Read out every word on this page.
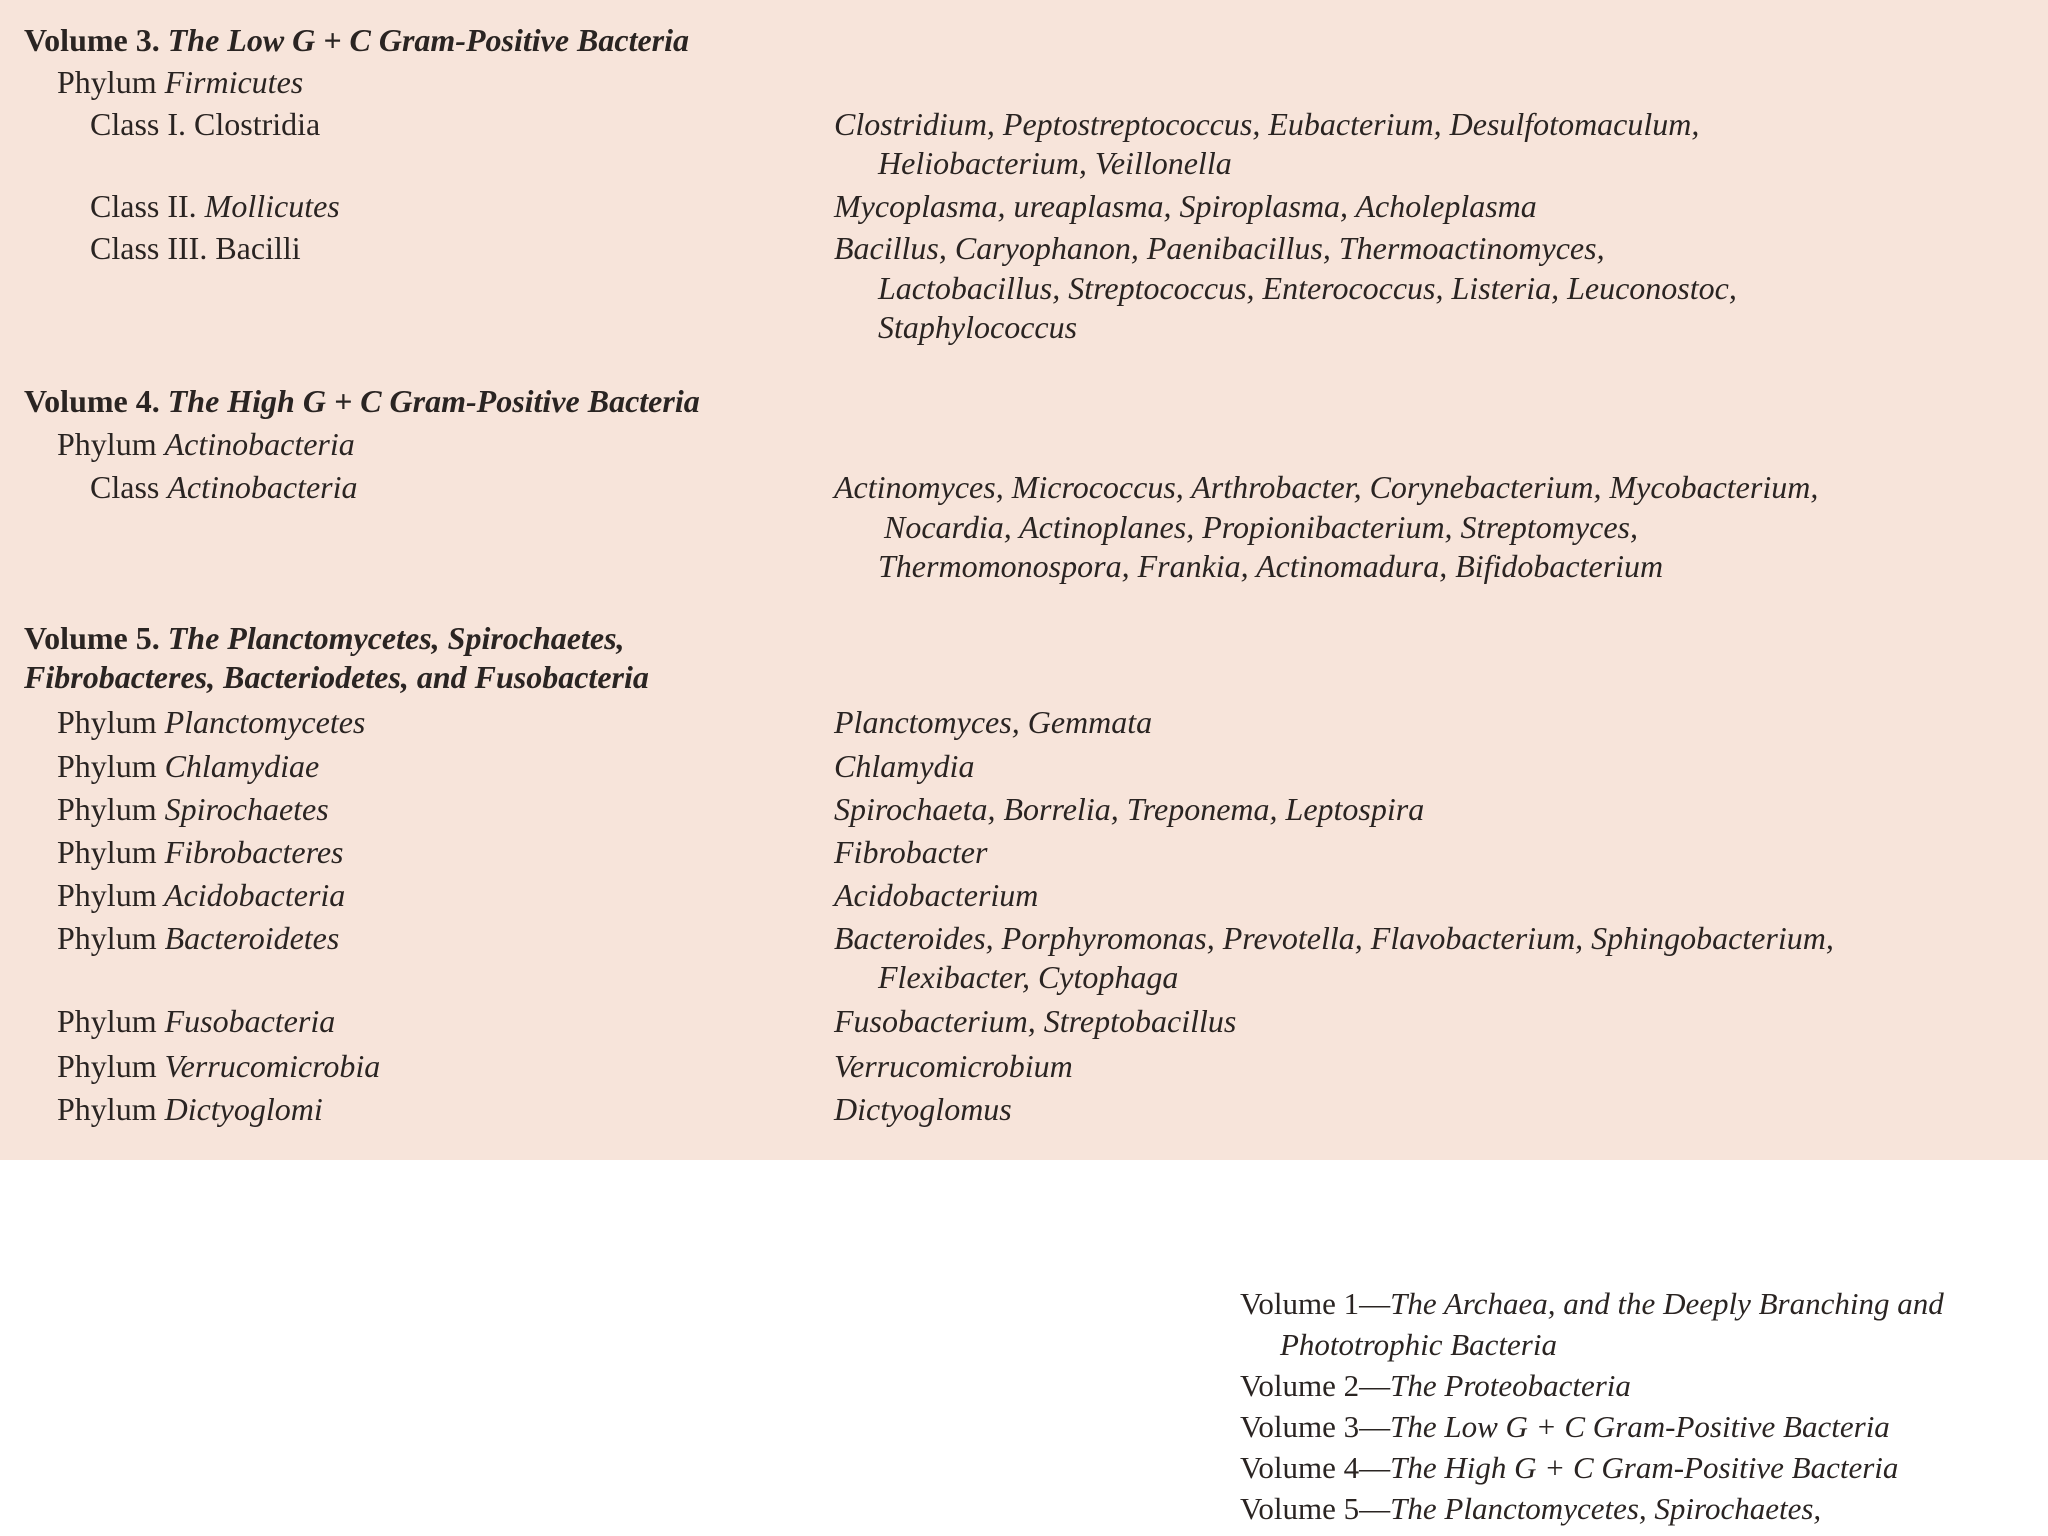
Volume 3. The Low G + C Gram-Positive Bacteria
Phylum Firmicutes
Class I. Clostridia	Clostridium, Peptostreptococcus, Eubacterium, Desulfotomaculum,
Heliobacterium, Veillonella
Class II. Mollicutes	Mycoplasma, ureaplasma, Spiroplasma, Acholeplasma
Class III. Bacilli	Bacillus, Caryophanon, Paenibacillus, Thermoactinomyces,
Lactobacillus, Streptococcus, Enterococcus, Listeria, Leuconostoc,
Staphylococcus
Volume 4. The High G + C Gram-Positive Bacteria
Phylum Actinobacteria
Class Actinobacteria	Actinomyces, Micrococcus, Arthrobacter, Corynebacterium, Mycobacterium,
Nocardia, Actinoplanes, Propionibacterium, Streptomyces,
Thermomonospora, Frankia, Actinomadura, Bifidobacterium
Volume 5. The Planctomycetes, Spirochaetes,
Fibrobacteres, Bacteriodetes, and Fusobacteria
Phylum Planctomycetes	Planctomyces, Gemmata
Phylum Chlamydiae	Chlamydia
Phylum Spirochaetes	Spirochaeta, Borrelia, Treponema, Leptospira
Phylum Fibrobacteres	Fibrobacter
Phylum Acidobacteria	Acidobacterium
Phylum Bacteroidetes	Bacteroides, Porphyromonas, Prevotella, Flavobacterium, Sphingobacterium,
Flexibacter, Cytophaga
Phylum Fusobacteria	Fusobacterium, Streptobacillus
Phylum Verrucomicrobia	Verrucomicrobium
Phylum Dictyoglomi	Dictyoglomus
Volume 1—The Archaea, and the Deeply Branching and
Phototrophic Bacteria
Volume 2—The Proteobacteria
Volume 3—The Low G + C Gram-Positive Bacteria
Volume 4—The High G + C Gram-Positive Bacteria
Volume 5—The Planctomycetes, Spirochaetes,
